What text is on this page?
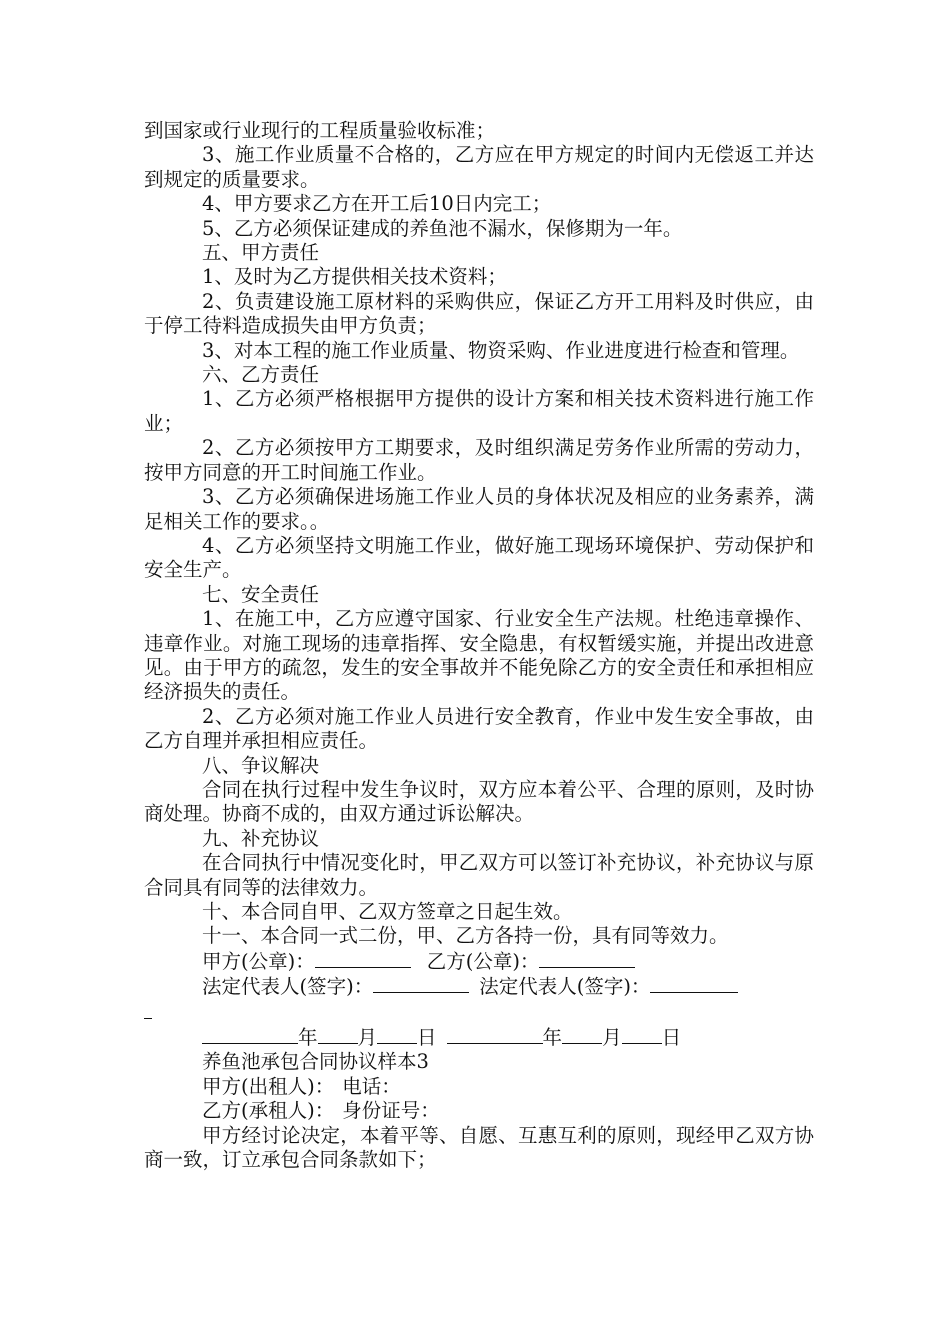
到国家或行业现行的工程质量验收标准；

3、施工作业质量不合格的，乙方应在甲方规定的时间内无偿返工并达到规定的质量要求。

4、甲方要求乙方在开工后10日内完工；

5、乙方必须保证建成的养鱼池不漏水，保修期为一年。

五、甲方责任

1、及时为乙方提供相关技术资料；

2、负责建设施工原材料的采购供应，保证乙方开工用料及时供应，由于停工待料造成损失由甲方负责；

3、对本工程的施工作业质量、物资采购、作业进度进行检查和管理。

六、乙方责任

1、乙方必须严格根据甲方提供的设计方案和相关技术资料进行施工作业；

2、乙方必须按甲方工期要求，及时组织满足劳务作业所需的劳动力，按甲方同意的开工时间施工作业。

3、乙方必须确保进场施工作业人员的身体状况及相应的业务素养，满足相关工作的要求。。

4、乙方必须坚持文明施工作业，做好施工现场环境保护、劳动保护和安全生产。

七、安全责任

1、在施工中，乙方应遵守国家、行业安全生产法规。杜绝违章操作、违章作业。对施工现场的违章指挥、安全隐患，有权暂缓实施，并提出改进意见。由于甲方的疏忽，发生的安全事故并不能免除乙方的安全责任和承担相应经济损失的责任。

2、乙方必须对施工作业人员进行安全教育，作业中发生安全事故，由乙方自理并承担相应责任。

八、争议解决

合同在执行过程中发生争议时，双方应本着公平、合理的原则，及时协商处理。协商不成的，由双方通过诉讼解决。

九、补充协议

在合同执行中情况变化时，甲乙双方可以签订补充协议，补充协议与原合同具有同等的法律效力。

十、本合同自甲、乙双方签章之日起生效。

十一、本合同一式二份，甲、乙方各持一份，具有同等效力。

甲方(公章)：	乙方(公章)：

法定代表人(签字)：	法定代表人(签字)：

年 月 日	年 月 日

养鱼池承包合同协议样本3

甲方(出租人)： 电话：

乙方(承租人)： 身份证号：

甲方经讨论决定，本着平等、自愿、互惠互利的原则，现经甲乙双方协商一致，订立承包合同条款如下；
